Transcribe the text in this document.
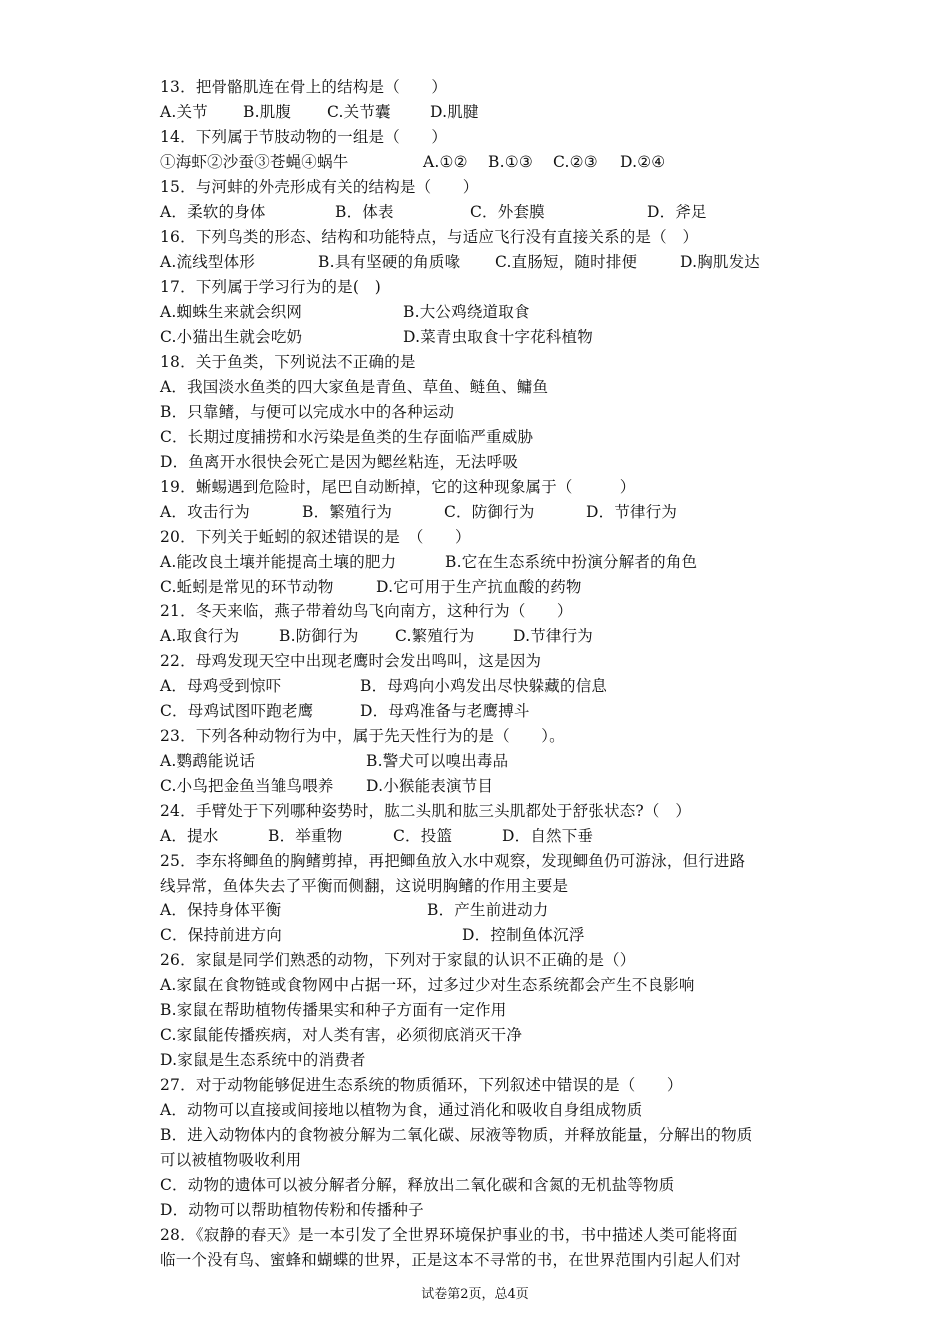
13．把骨骼肌连在骨上的结构是（　　）
A.关节 B.肌腹 C.关节囊	D.肌腱
14．下列属于节肢动物的一组是（　　）
①海虾②沙蚕③苍蝇④蜗牛	A.①② B.①③ C.②③ D.②④
15．与河蚌的外壳形成有关的结构是（　　）
A．柔软的身体	B．体表	C．外套膜	D．斧足
16．下列鸟类的形态、结构和功能特点，与适应飞行没有直接关系的是（　）
A.流线型体形	B.具有坚硬的角质喙 C.直肠短，随时排便	D.胸肌发达
17．下列属于学习行为的是(　)
A.蜘蛛生来就会织网	B.大公鸡绕道取食
C.小猫出生就会吃奶	D.菜青虫取食十字花科植物
18．关于鱼类，下列说法不正确的是
A．我国淡水鱼类的四大家鱼是青鱼、草鱼、鲢鱼、鳙鱼
B．只靠鳍，与便可以完成水中的各种运动
C．长期过度捕捞和水污染是鱼类的生存面临严重威胁
D．鱼离开水很快会死亡是因为鳃丝粘连，无法呼吸
19．蜥蜴遇到危险时，尾巴自动断掉，它的这种现象属于（　　　）
A．攻击行为	B．繁殖行为	C．防御行为	D．节律行为
20．下列关于蚯蚓的叙述错误的是　（　　）
A.能改良土壤并能提高土壤的肥力	B.它在生态系统中扮演分解者的角色
C.蚯蚓是常见的环节动物	D.它可用于生产抗血酸的药物
21．冬天来临，燕子带着幼鸟飞向南方，这种行为（　　）
A.取食行为	B.防御行为 C.繁殖行为 D.节律行为
22．母鸡发现天空中出现老鹰时会发出鸣叫，这是因为
A．母鸡受到惊吓	B．母鸡向小鸡发出尽快躲藏的信息
C．母鸡试图吓跑老鹰	D．母鸡准备与老鹰搏斗
23．下列各种动物行为中，属于先天性行为的是（　　）。
A.鹦鹉能说话	B.警犬可以嗅出毒品
C.小鸟把金鱼当雏鸟喂养 D.小猴能表演节目
24．手臂处于下列哪种姿势时，肱二头肌和肱三头肌都处于舒张状态?（　）
A．提水	B．举重物	C．投篮	D．自然下垂
25．李东将鲫鱼的胸鳍剪掉，再把鲫鱼放入水中观察，发现鲫鱼仍可游泳，但行进路
线异常，鱼体失去了平衡而侧翻，这说明胸鳍的作用主要是
A．保持身体平衡	B．产生前进动力
C．保持前进方向	D．控制鱼体沉浮
26．家鼠是同学们熟悉的动物，下列对于家鼠的认识不正确的是（）
A.家鼠在食物链或食物网中占据一环，过多过少对生态系统都会产生不良影响
B.家鼠在帮助植物传播果实和种子方面有一定作用
C.家鼠能传播疾病，对人类有害，必须彻底消灭干净
D.家鼠是生态系统中的消费者
27．对于动物能够促进生态系统的物质循环，下列叙述中错误的是（　　）
A．动物可以直接或间接地以植物为食，通过消化和吸收自身组成物质
B．进入动物体内的食物被分解为二氧化碳、尿液等物质，并释放能量，分解出的物质
可以被植物吸收利用
C．动物的遗体可以被分解者分解，释放出二氧化碳和含氮的无机盐等物质
D．动物可以帮助植物传粉和传播种子
28．《寂静的春天》是一本引发了全世界环境保护事业的书，书中描述人类可能将面
临一个没有鸟、蜜蜂和蝴蝶的世界，正是这本不寻常的书，在世界范围内引起人们对
试卷第2页，总4页
